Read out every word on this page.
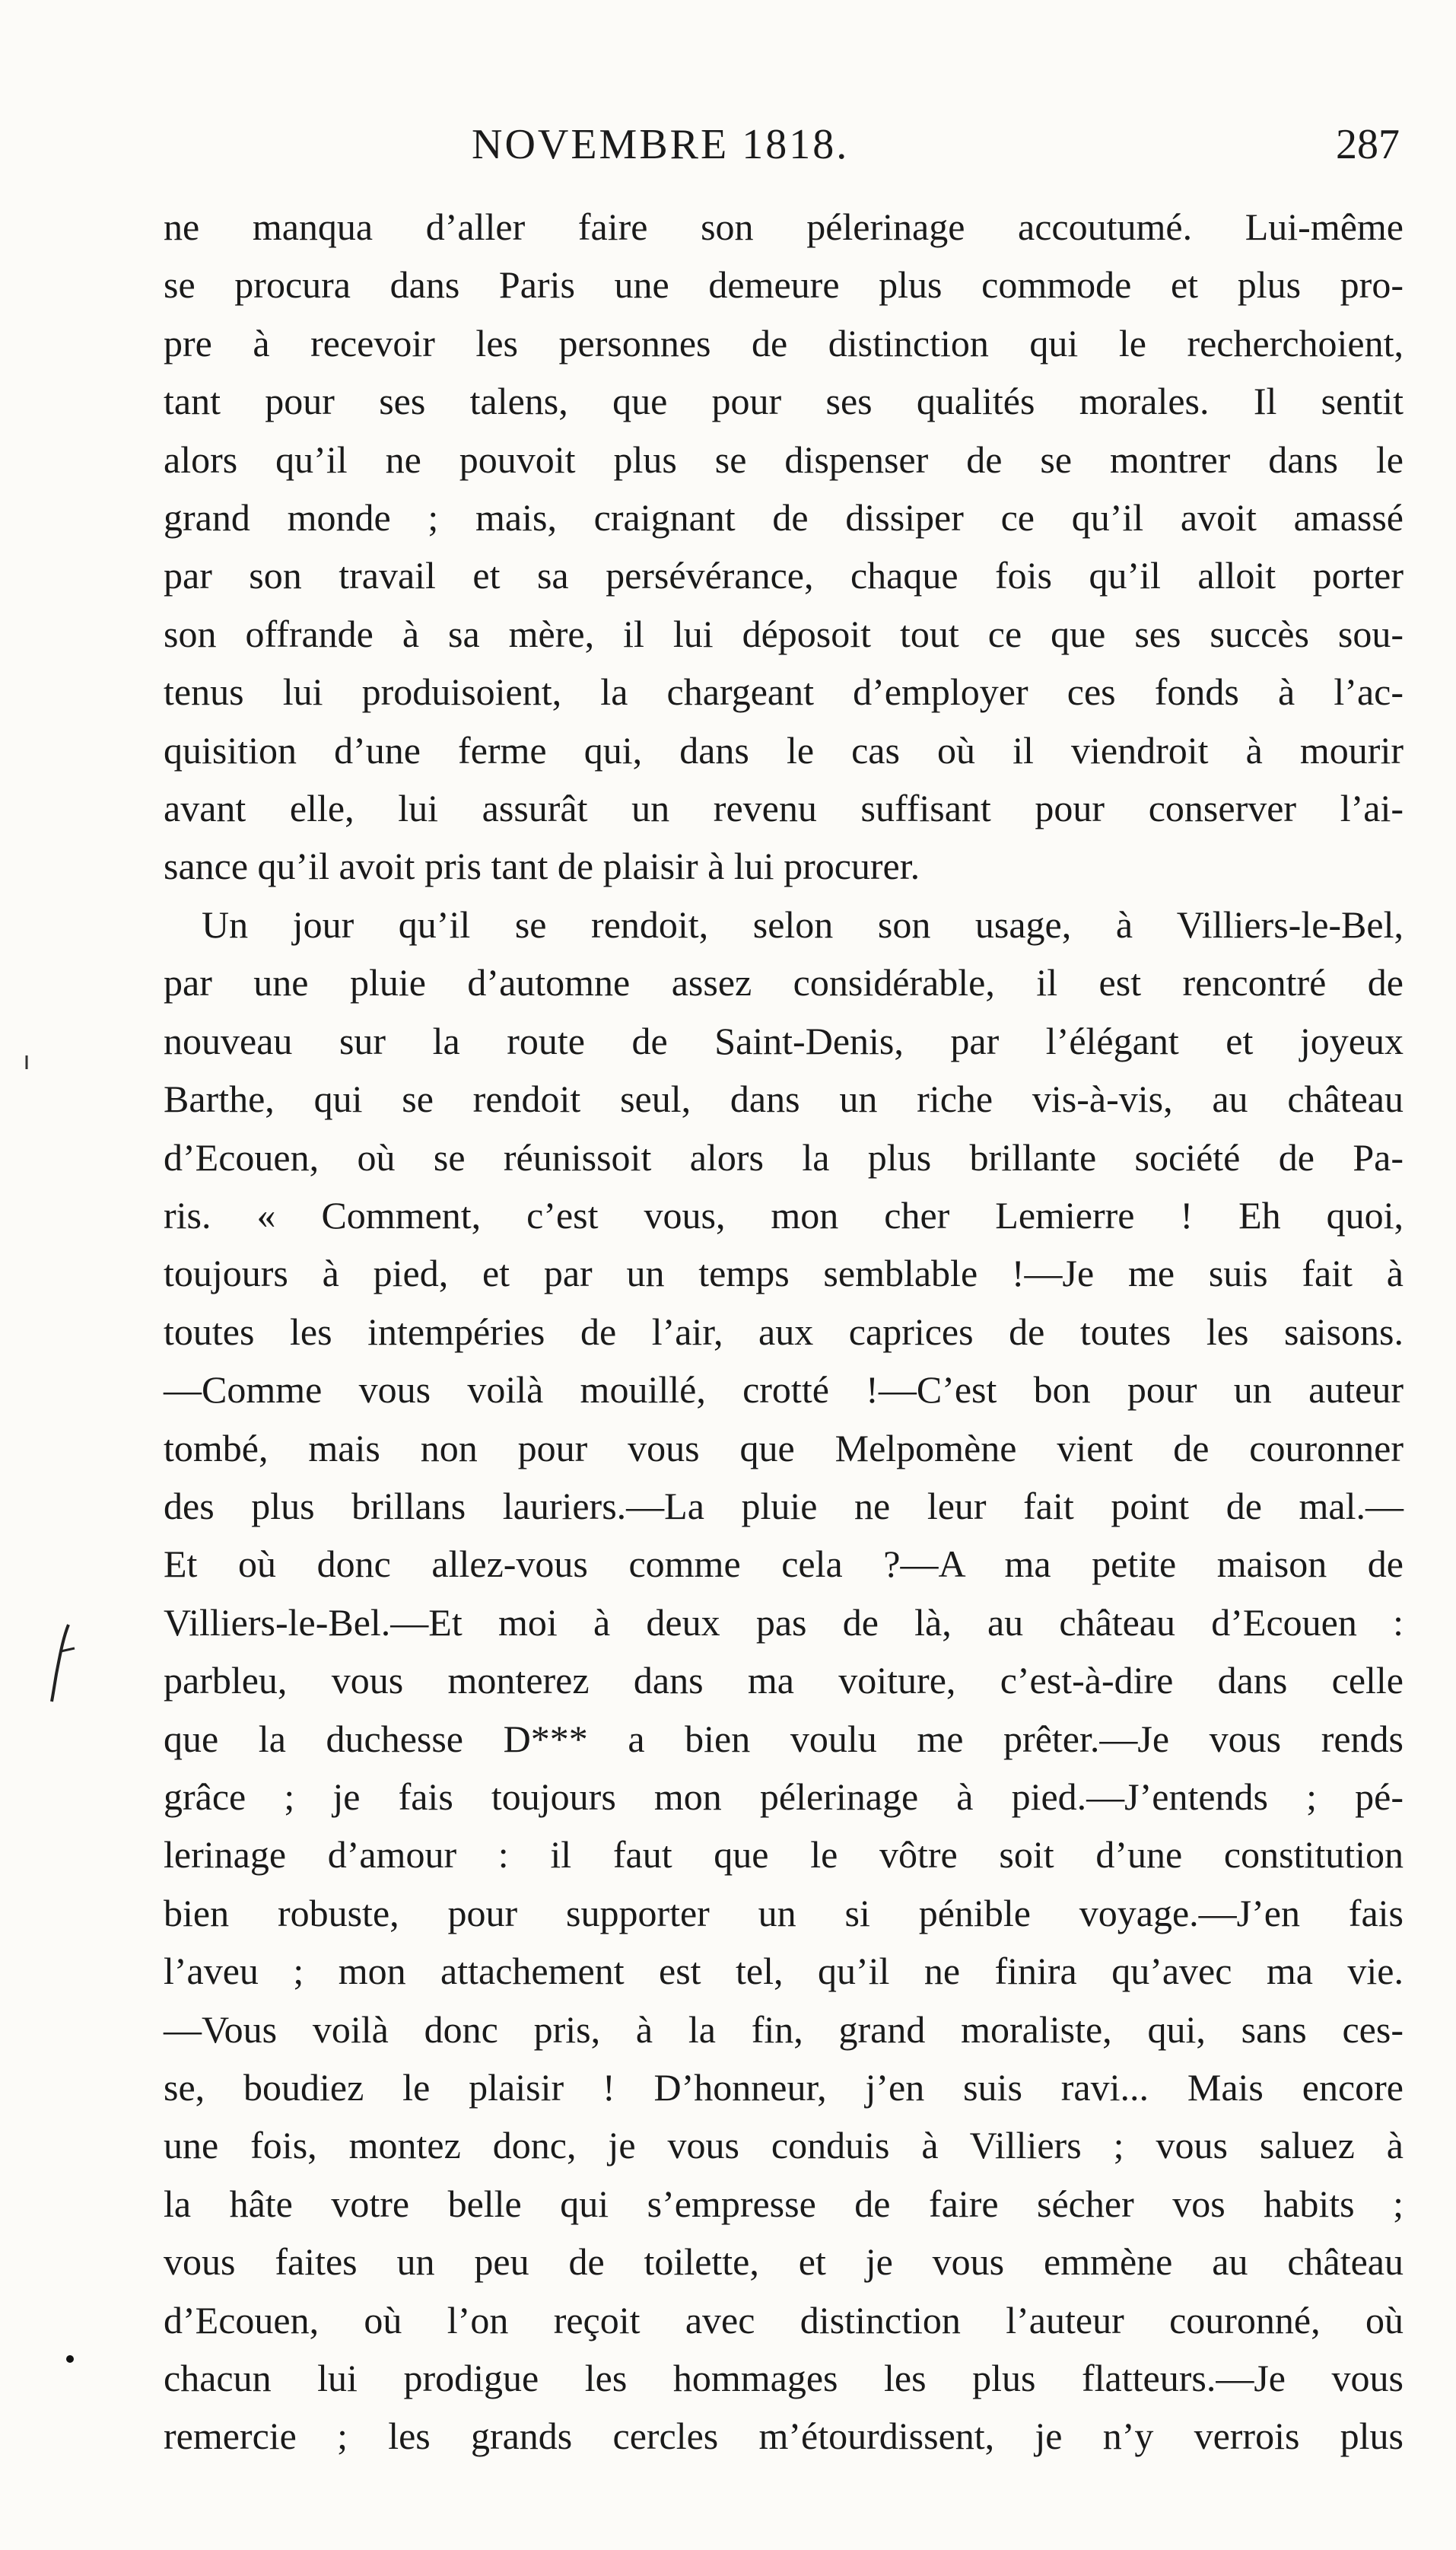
NOVEMBRE 1818.	287
ne manqua d’aller faire son pélerinage accoutumé. Lui-même
se procura dans Paris une demeure plus commode et plus pro-
pre à recevoir les personnes de distinction qui le recherchoient,
tant pour ses talens, que pour ses qualités morales. Il sentit
alors qu’il ne pouvoit plus se dispenser de se montrer dans le
grand monde ; mais, craignant de dissiper ce qu’il avoit amassé
par son travail et sa persévérance, chaque fois qu’il alloit porter
son offrande à sa mère, il lui déposoit tout ce que ses succès sou-
tenus lui produisoient, la chargeant d’employer ces fonds à l’ac-
quisition d’une ferme qui, dans le cas où il viendroit à mourir
avant elle, lui assurât un revenu suffisant pour conserver l’ai-
sance qu’il avoit pris tant de plaisir à lui procurer.
Un jour qu’il se rendoit, selon son usage, à Villiers-le-Bel,
par une pluie d’automne assez considérable, il est rencontré de
nouveau sur la route de Saint-Denis, par l’élégant et joyeux
Barthe, qui se rendoit seul, dans un riche vis-à-vis, au château
d’Ecouen, où se réunissoit alors la plus brillante société de Pa-
ris. « Comment, c’est vous, mon cher Lemierre ! Eh quoi,
toujours à pied, et par un temps semblable !—Je me suis fait à
toutes les intempéries de l’air, aux caprices de toutes les saisons.
—Comme vous voilà mouillé, crotté !—C’est bon pour un auteur
tombé, mais non pour vous que Melpomène vient de couronner
des plus brillans lauriers.—La pluie ne leur fait point de mal.—
Et où donc allez-vous comme cela ?—A ma petite maison de
Villiers-le-Bel.—Et moi à deux pas de là, au château d’Ecouen :
parbleu, vous monterez dans ma voiture, c’est-à-dire dans celle
que la duchesse D*** a bien voulu me prêter.—Je vous rends
grâce ; je fais toujours mon pélerinage à pied.—J’entends ; pé-
lerinage d’amour : il faut que le vôtre soit d’une constitution
bien robuste, pour supporter un si pénible voyage.—J’en fais
l’aveu ; mon attachement est tel, qu’il ne finira qu’avec ma vie.
—Vous voilà donc pris, à la fin, grand moraliste, qui, sans ces-
se, boudiez le plaisir ! D’honneur, j’en suis ravi... Mais encore
une fois, montez donc, je vous conduis à Villiers ; vous saluez à
la hâte votre belle qui s’empresse de faire sécher vos habits ;
vous faites un peu de toilette, et je vous emmène au château
d’Ecouen, où l’on reçoit avec distinction l’auteur couronné, où
chacun lui prodigue les hommages les plus flatteurs.—Je vous
remercie ; les grands cercles m’étourdissent, je n’y verrois plus
